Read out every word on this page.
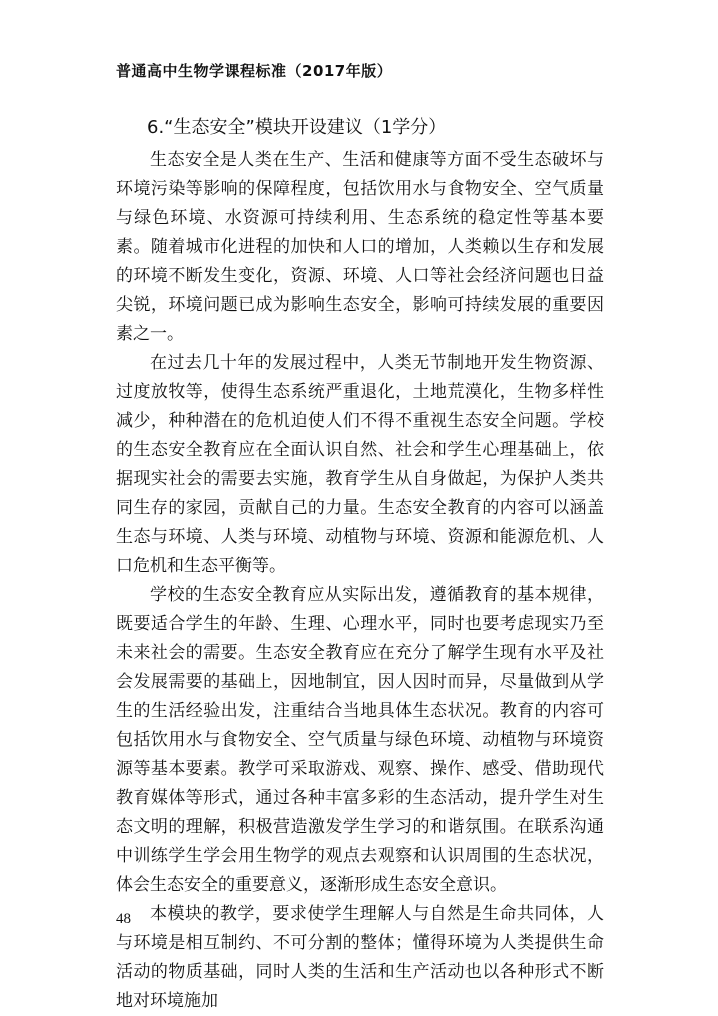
普通高中生物学课程标准（2017年版）
6.“生态安全”模块开设建议（1学分）

生态安全是人类在生产、生活和健康等方面不受生态破坏与环境污染等影响的保障程度，包括饮用水与食物安全、空气质量与绿色环境、水资源可持续利用、生态系统的稳定性等基本要素。随着城市化进程的加快和人口的增加，人类赖以生存和发展的环境不断发生变化，资源、环境、人口等社会经济问题也日益尖锐，环境问题已成为影响生态安全，影响可持续发展的重要因素之一。

在过去几十年的发展过程中，人类无节制地开发生物资源、过度放牧等，使得生态系统严重退化，土地荒漠化，生物多样性减少，种种潜在的危机迫使人们不得不重视生态安全问题。学校的生态安全教育应在全面认识自然、社会和学生心理基础上，依据现实社会的需要去实施，教育学生从自身做起，为保护人类共同生存的家园，贡献自己的力量。生态安全教育的内容可以涵盖生态与环境、人类与环境、动植物与环境、资源和能源危机、人口危机和生态平衡等。

学校的生态安全教育应从实际出发，遵循教育的基本规律，既要适合学生的年龄、生理、心理水平，同时也要考虑现实乃至未来社会的需要。生态安全教育应在充分了解学生现有水平及社会发展需要的基础上，因地制宜，因人因时而异，尽量做到从学生的生活经验出发，注重结合当地具体生态状况。教育的内容可包括饮用水与食物安全、空气质量与绿色环境、动植物与环境资源等基本要素。教学可采取游戏、观察、操作、感受、借助现代教育媒体等形式，通过各种丰富多彩的生态活动，提升学生对生态文明的理解，积极营造激发学生学习的和谐氛围。在联系沟通中训练学生学会用生物学的观点去观察和认识周围的生态状况，体会生态安全的重要意义，逐渐形成生态安全意识。

本模块的教学，要求使学生理解人与自然是生命共同体，人与环境是相互制约、不可分割的整体；懂得环境为人类提供生命活动的物质基础，同时人类的生活和生产活动也以各种形式不断地对环境施加

48
